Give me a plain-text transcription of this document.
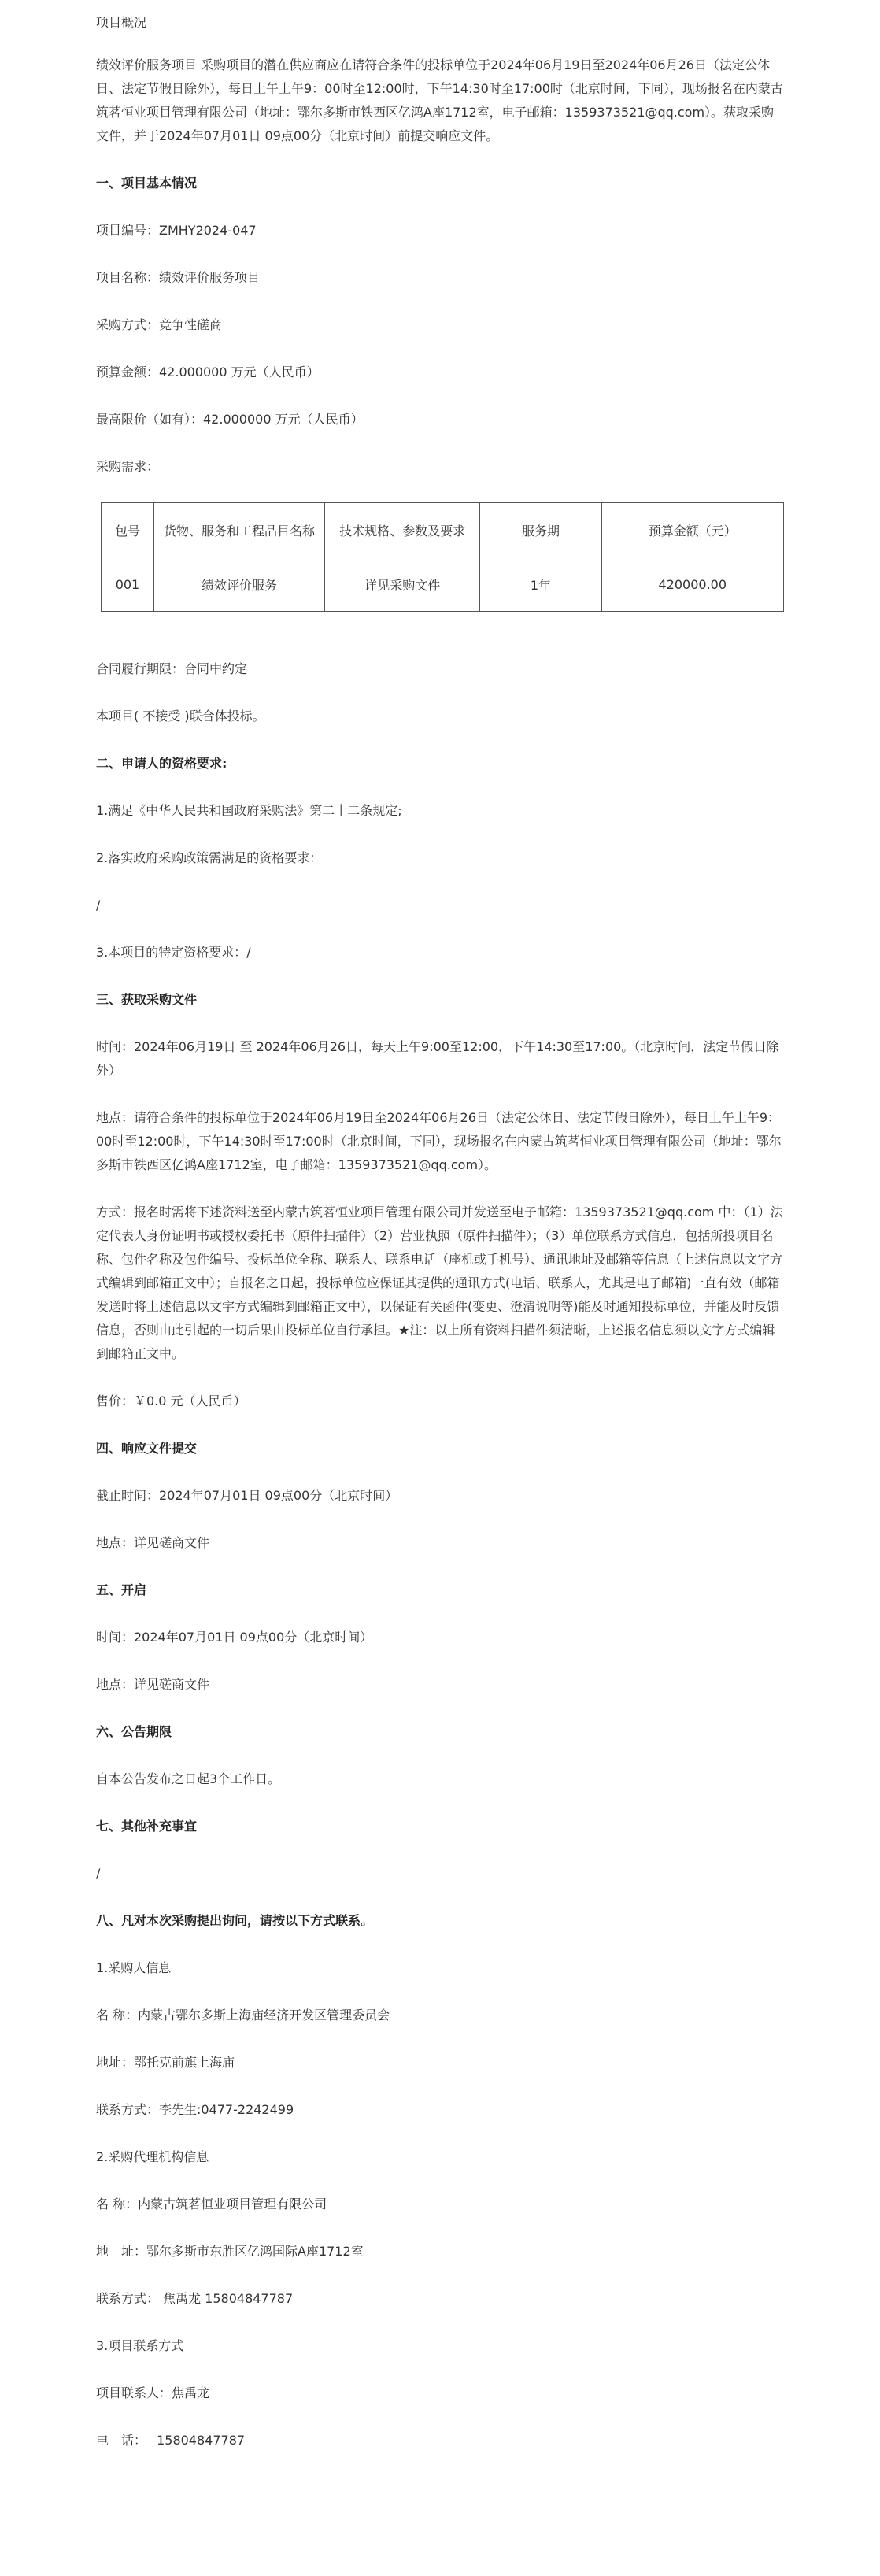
项目概况
绩效评价服务项目 采购项目的潜在供应商应在请符合条件的投标单位于2024年06月19日至2024年06月26日（法定公休日、法定节假日除外），每日上午上午9：00时至12:00时，下午14:30时至17:00时（北京时间，下同），现场报名在内蒙古筑茗恒业项目管理有限公司（地址：鄂尔多斯市铁西区亿鸿A座1712室，电子邮箱：1359373521@qq.com）。获取采购文件，并于2024年07月01日 09点00分（北京时间）前提交响应文件。
一、项目基本情况
项目编号：ZMHY2024-047
项目名称：绩效评价服务项目
采购方式：竞争性磋商
预算金额：42.000000 万元（人民币）
最高限价（如有）：42.000000 万元（人民币）
采购需求：
包号	货物、服务和工程品目名称	技术规格、参数及要求	服务期	预算金额（元）
001	绩效评价服务	详见采购文件	1年	420000.00
合同履行期限：合同中约定
本项目( 不接受 )联合体投标。
二、申请人的资格要求:
1.满足《中华人民共和国政府采购法》第二十二条规定;
2.落实政府采购政策需满足的资格要求：
/
3.本项目的特定资格要求：/
三、获取采购文件
时间：2024年06月19日 至 2024年06月26日，每天上午9:00至12:00，下午14:30至17:00。（北京时间，法定节假日除外）
地点：请符合条件的投标单位于2024年06月19日至2024年06月26日（法定公休日、法定节假日除外），每日上午上午9：00时至12:00时，下午14:30时至17:00时（北京时间，下同），现场报名在内蒙古筑茗恒业项目管理有限公司（地址：鄂尔多斯市铁西区亿鸿A座1712室，电子邮箱：1359373521@qq.com）。
方式：报名时需将下述资料送至内蒙古筑茗恒业项目管理有限公司并发送至电子邮箱：1359373521@qq.com 中：（1）法定代表人身份证明书或授权委托书（原件扫描件）（2）营业执照（原件扫描件）；（3）单位联系方式信息，包括所投项目名称、包件名称及包件编号、投标单位全称、联系人、联系电话（座机或手机号）、通讯地址及邮箱等信息（上述信息以文字方式编辑到邮箱正文中）；自报名之日起，投标单位应保证其提供的通讯方式(电话、联系人，尤其是电子邮箱)一直有效（邮箱发送时将上述信息以文字方式编辑到邮箱正文中），以保证有关函件(变更、澄清说明等)能及时通知投标单位，并能及时反馈信息，否则由此引起的一切后果由投标单位自行承担。★注：以上所有资料扫描件须清晰，上述报名信息须以文字方式编辑到邮箱正文中。
售价：￥0.0 元（人民币）
四、响应文件提交
截止时间：2024年07月01日 09点00分（北京时间）
地点：详见磋商文件
五、开启
时间：2024年07月01日 09点00分（北京时间）
地点：详见磋商文件
六、公告期限
自本公告发布之日起3个工作日。
七、其他补充事宜
/
八、凡对本次采购提出询问，请按以下方式联系。
1.采购人信息
名 称：内蒙古鄂尔多斯上海庙经济开发区管理委员会
地址：鄂托克前旗上海庙
联系方式：李先生:0477-2242499
2.采购代理机构信息
名 称：内蒙古筑茗恒业项目管理有限公司
地　址：鄂尔多斯市东胜区亿鸿国际A座1712室
联系方式： 焦禹龙 15804847787
3.项目联系方式
项目联系人：焦禹龙
电　话：　 15804847787
